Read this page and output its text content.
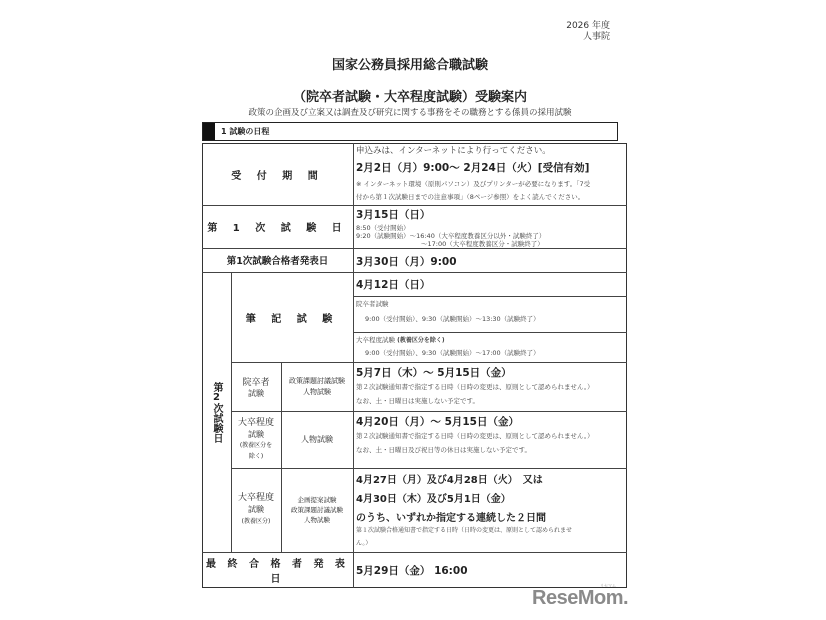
2026 年度
人事院
国家公務員採用総合職試験
（院卒者試験・大卒程度試験）受験案内
政策の企画及び立案又は調査及び研究に関する事務をその職務とする係員の採用試験
1 試験の日程
受 付 期 間
申込みは、インターネットにより行ってください。
2月2日（月）9:00～ 2月24日（火）[受信有効]
※ インターネット環境（原則パソコン）及びプリンターが必要になります。「7受
付から第１次試験日までの注意事項」（8ページ参照）をよく読んでください。
第 1 次 試 験 日
3月15日（日）
8:50（受付開始）
9:20（試験開始）～16:40（大卒程度教養区分以外・試験終了）
～17:00（大卒程度教養区分・試験終了）
第1次試験合格者発表日	3月30日（月）9:00
第2次試験日
筆 記 試 験
4月12日（日）
院卒者試験
9:00（受付開始）、9:30（試験開始）～13:30（試験終了）
大卒程度試験 (教養区分を除く)
9:00（受付開始）、9:30（試験開始）～17:00（試験終了）
院卒者
試験
政策課題討議試験
人物試験
5月7日（木）～ 5月15日（金）
第２次試験通知書で指定する日時（日時の変更は、原則として認められません。）
なお、土・日曜日は実施しない予定です。
大卒程度
試験
(教養区分を
除く)
人物試験
4月20日（月）～ 5月15日（金）
第２次試験通知書で指定する日時（日時の変更は、原則として認められません。）
なお、土・日曜日及び祝日等の休日は実施しない予定です。
大卒程度
試験
(教養区分)
企画提案試験
政策課題討議試験
人物試験
4月27日（月）及び4月28日（火）　又は
4月30日（木）及び5月1日（金）
のうち、いずれか指定する連続した２日間
第１次試験合格通知書で指定する日時（日時の変更は、原則として認められませ
ん。）
最 終 合 格 者 発 表 日
5月29日（金） 16:00
リセマム
ReseMom.
